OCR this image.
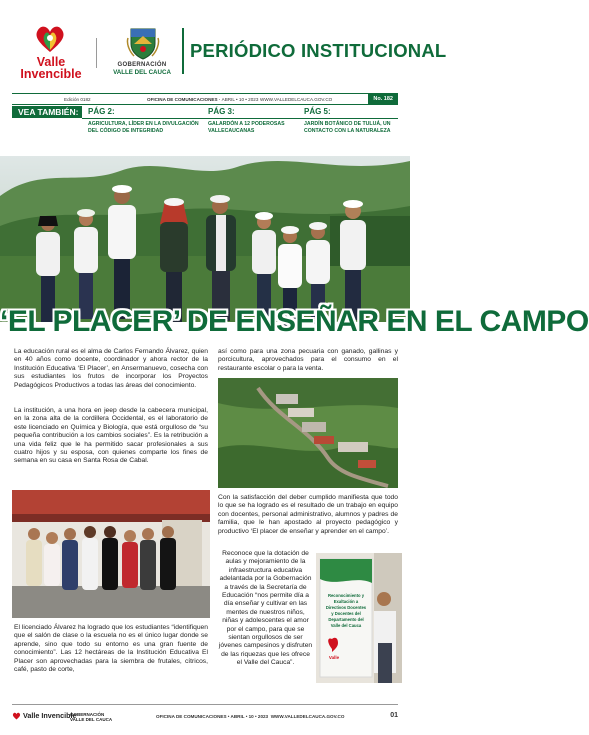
Valle Invencible
GOBERNACIÓN
VALLE DEL CAUCA
PERIÓDICO INSTITUCIONAL
Edición 0182	OFICINA DE COMUNICACIONES · ABRIL • 10 • 2023 WWW.VALLEDELCAUCA.GOV.CO	No. 182
VEA TAMBIÉN:	PÁG 2:
AGRICULTURA, LÍDER EN LA DIVULGACIÓN DEL CÓDIGO DE INTEGRIDAD
PÁG 3:
GALARDÓN A 12 PODEROSAS VALLECAUCANAS
PÁG 5:
JARDÍN BOTÁNICO DE TULUÁ, UN CONTACTO CON LA NATURALEZA
‘EL PLACER’ DE ENSEÑAR EN EL CAMPO

La educación rural es el alma de Carlos Fernando Álvarez, quien en 40 años como docente, coordinador y ahora rector de la Institución Educativa ‘El Placer’, en Ansermanuevo, cosecha con sus estudiantes los frutos de incorporar los Proyectos Pedagógicos Productivos a todas las áreas del conocimiento.

La institución, a una hora en jeep desde la cabecera municipal, en la zona alta de la cordillera Occidental, es el laboratorio de este licenciado en Química y Biología, que está orgulloso de “su pequeña contribución a los cambios sociales”. Es la retribución a una vida feliz que le ha permitido sacar profesionales a sus cuatro hijos y su esposa, con quienes comparte los fines de semana en su casa en Santa Rosa de Cabal.

El licenciado Álvarez ha logrado que los estudiantes “identifiquen que el salón de clase o la escuela no es el único lugar donde se aprende, sino que todo su entorno es una gran fuente de conocimiento”. Las 12 hectáreas de la Institución Educativa El Placer son aprovechadas para la siembra de frutales, cítricos, café, pasto de corte,

así como para una zona pecuaria con ganado, gallinas y porcicultura, aprovechados para el consumo en el restaurante escolar o para la venta.

Con la satisfacción del deber cumplido manifiesta que todo lo que se ha logrado es el resultado de un trabajo en equipo con docentes, personal administrativo, alumnos y padres de familia, que le han apostado al proyecto pedagógico y productivo ‘El placer de enseñar y aprender en el campo’.

Reconoce que la dotación de aulas y mejoramiento de la infraestructura educativa adelantada por la Gobernación a través de la Secretaría de Educación “nos permite día a día enseñar y cultivar en las mentes de nuestros niños, niñas y adolescentes el amor por el campo, para que se sientan orgullosos de ser jóvenes campesinos y disfruten de las riquezas que les ofrece el Valle del Cauca”.

Reconocimiento y
Exaltación a
Directivos Docentes
y Docentes del
Departamento del
Valle del Cauca
Valle
Valle Invencible
GOBERNACIÓN
VALLE DEL CAUCA
OFICINA DE COMUNICACIONES • ABRIL • 10 • 2023 WWW.VALLEDELCAUCA.GOV.CO	01
